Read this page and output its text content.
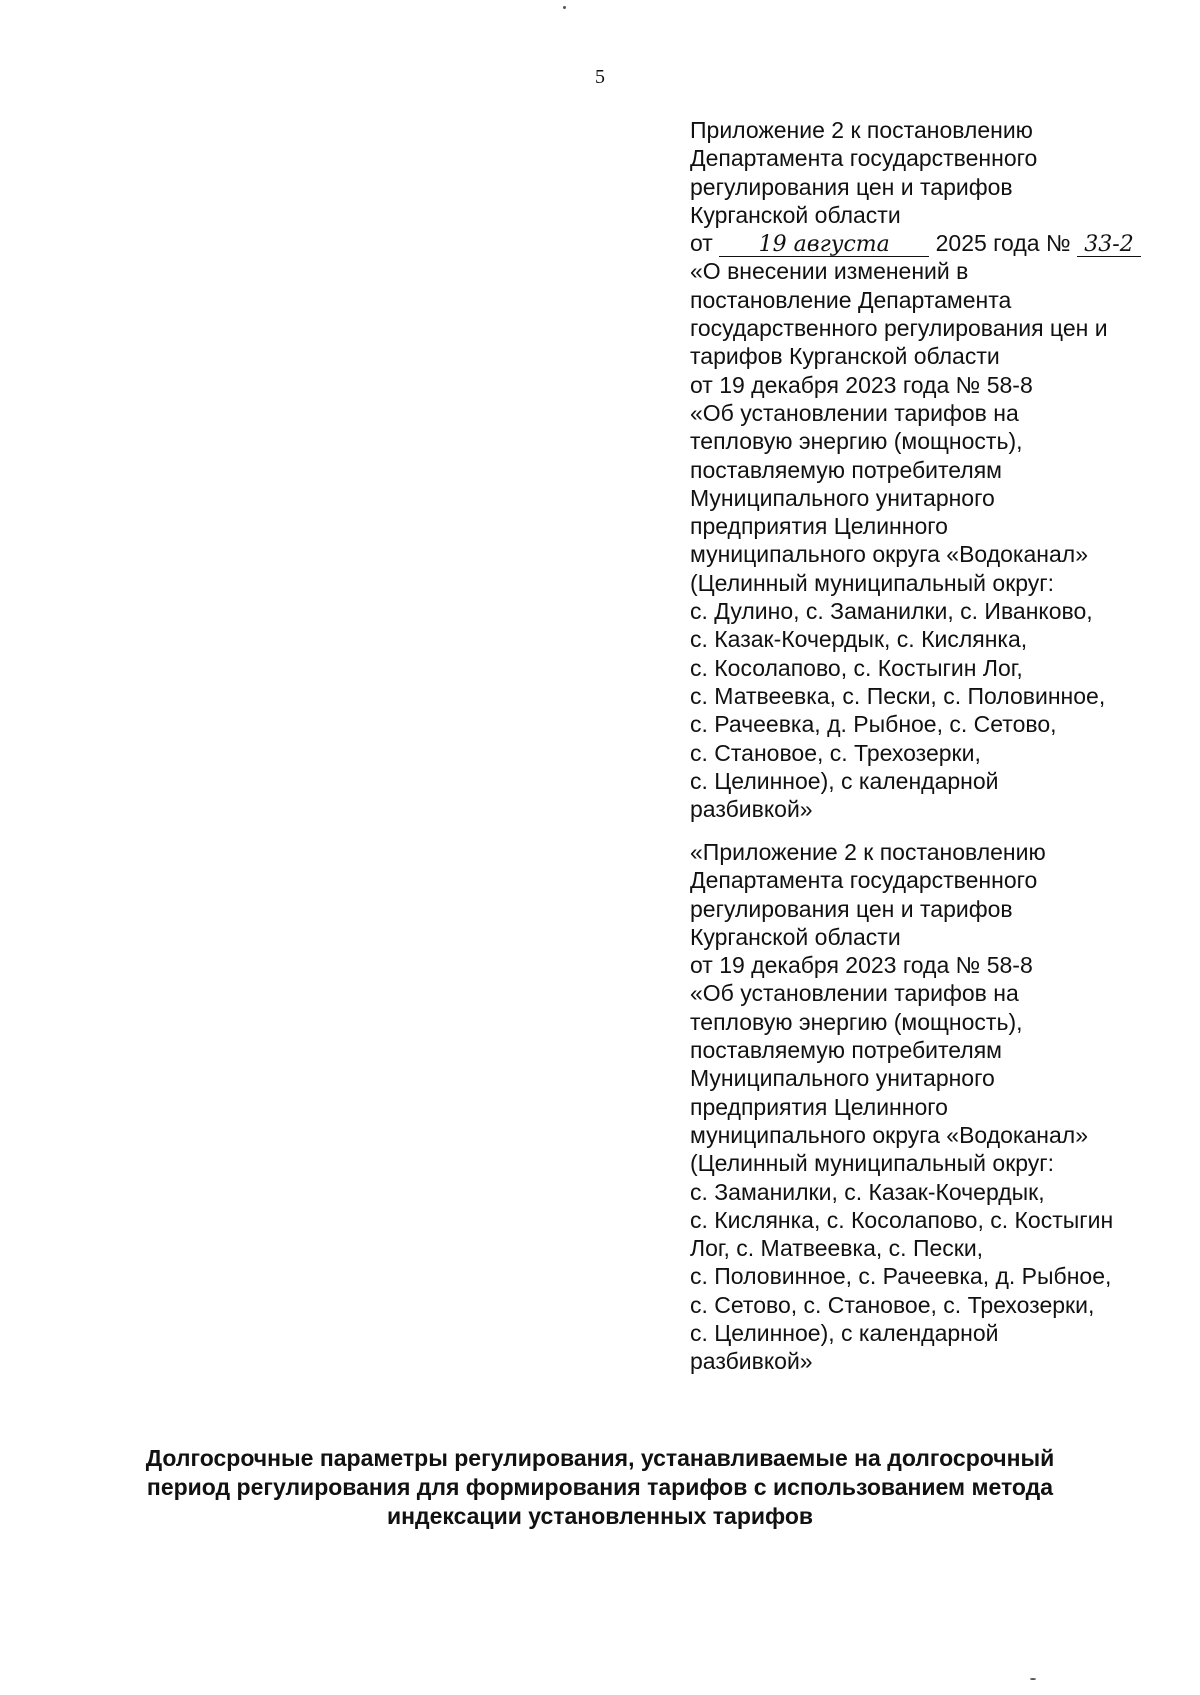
5
Приложение 2 к постановлению
Департамента государственного
регулирования цен и тарифов
Курганской области
от 19 августа 2025 года № 33-2
«О внесении изменений в
постановление Департамента
государственного регулирования цен и
тарифов Курганской области
от 19 декабря 2023 года № 58-8
«Об установлении тарифов на
тепловую энергию (мощность),
поставляемую потребителям
Муниципального унитарного
предприятия Целинного
муниципального округа «Водоканал»
(Целинный муниципальный округ:
с. Дулино, с. Заманилки, с. Иванково,
с. Казак-Кочердык, с. Кислянка,
с. Косолапово, с. Костыгин Лог,
с. Матвеевка, с. Пески, с. Половинное,
с. Рачеевка, д. Рыбное, с. Сетово,
с. Становое, с. Трехозерки,
с. Целинное), с календарной
разбивкой»
«Приложение 2 к постановлению
Департамента государственного
регулирования цен и тарифов
Курганской области
от 19 декабря 2023 года № 58-8
«Об установлении тарифов на
тепловую энергию (мощность),
поставляемую потребителям
Муниципального унитарного
предприятия Целинного
муниципального округа «Водоканал»
(Целинный муниципальный округ:
с. Заманилки, с. Казак-Кочердык,
с. Кислянка, с. Косолапово, с. Костыгин
Лог, с. Матвеевка, с. Пески,
с. Половинное, с. Рачеевка, д. Рыбное,
с. Сетово, с. Становое, с. Трехозерки,
с. Целинное), с календарной
разбивкой»
Долгосрочные параметры регулирования, устанавливаемые на долгосрочный
период регулирования для формирования тарифов с использованием метода
индексации установленных тарифов
